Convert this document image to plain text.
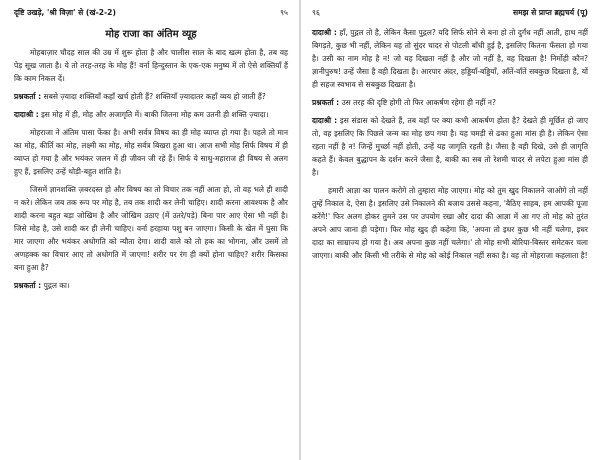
दृष्टि उखड़े, 'श्री विज़ा' से (खं-2-2)	९५
मोह राजा का अंतिम व्यूह

मोहबाज़ार चौदह साल की उम्र में शुरू होता है और चालीस साल के बाद खत्म होता है, तब वह पेड़ सूख जाता है। ये तो तरह-तरह के मोह हैं! वर्ना हिन्दुस्तान के एक-एक मनुष्य में तो ऐसे शक्तियाँ हैं कि काम निकल दें।

प्रश्नकर्ता : सबसे ज़्यादा शक्तियाँ कहाँ खर्च होती हैं? शक्तियाँ ज़्यादातर कहाँ व्यय हो जाती हैं?

दादाश्री : इस मोह में ही, मोह और अजागृति में। बाकी जितना मोह कम उतनी ही शक्ति ज़्यादा।

मोहराजा ने अंतिम पासा फेंका है। अभी सर्वत्र विषय का ही मोह व्याप्त हो गया है। पहले तो मान का मोह, कीर्ति का मोह, लक्ष्मी का मोह, मोह सर्वत्र बिखरा हुआ था। आज सभी मोह सिर्फ विषय में ही व्याप्त हो गया है और भयंकर जलन में ही जीवन जी रहे हैं। सिर्फ ये साधु-महाराज ही विषय से अलग हुए हैं, इसलिए उन्हें थोड़ी-बहुत शांति है।

जिसमें ज्ञानशक्ति ज़बरदस्त हो और विषय का तो विचार तक नहीं आता हो, तो वह भले ही शादी न करे। लेकिन जब तक रूप पर मोह है, तब तक शादी कर लेनी चाहिए। शादी करना आवश्यक है और शादी करना बहुत बड़ा जोखिम है और जोखिम उठाए (में उतरे/पड़े) बिना पार आए ऐसा भी नहीं है। जिसे मोह है, उसे शादी कर ही लेनी चाहिए। वर्ना हरहाया पशु बन जाएगा। किसी के खेत में घुसा कि मार जाएगा और भयंकर अधोगति को न्यौता देगा। शादी वाले को तो हक का भोगना, और उसमें तो अणहक्क का विचार आए तो अधोगति में जाएगा! शरीर पर रंग ही क्यों होना चाहिए? शरीर किसका बना हुआ है?

प्रश्नकर्ता : पुद्गल का।

९६	समझ से प्राप्त ब्रह्मचर्य (पू)

दादाश्री : हाँ, पुद्गल तो है, लेकिन कैसा पुद्गल? यदि सिर्फ सोने से बना हो तो दुर्गंध नहीं आती, हाथ नहीं बिगड़ते, कुछ भी नहीं, लेकिन यह तो सुंदर चादर से पोटली बाँधी हुई है, इसलिए कितना फँसता हो गया है। उसी का नाम मोह है न! जो यह दिखता नहीं है और जो नहीं है, वह दिखता है! निर्मोही कौन? ज्ञानीपुरुष! उन्हें जैसा है वही दिखता है। आरपार अंदर, हड्डियाँ-बड्डियाँ, आँतें-वाँतें सबकुछ दिखता है, यों ही सहज स्वभाव से सबकुछ दिखता है।

प्रश्नकर्ता : उस तरह की दृष्टि होगी तो फिर आकर्षण रहेगा ही नहीं न?

दादाश्री : इस संडास को देखते हैं, तब वहाँ पर क्या कभी आकर्षण होता है? देखते ही मूर्छित हो जाए तो, वह इसलिए कि पिछले जन्म का मोह छप गया है। यह चमड़ी से ढका हुआ मांस ही है। लेकिन ऐसा रहता नहीं है न! जिन्हें मुर्च्छा नहीं होती, उन्हें यह जागृति रहती है। जैसा है वही दिखे, उसे ही जागृति कहते हैं। केवल बुद्धापन के दर्शन करने जैसा है, बाकी का सब तो रेशमी चादर से लपेटा हुआ मांस ही है।

हमारी आज्ञा का पालन करोगे तो तुम्हारा मोह जाएगा। मोह को तुम खुद निकालने जाओगे तो नहीं तुम्हें निकाल दे, ऐसा है। इसलिए उसे निकालने की बजाय उससे कहना, 'बैठिए साहब, हम आपकी पूजा करेंगे!' फिर अलग होकर तुमने उस पर उपयोग रखा और दादा की आज्ञा में आ गए तो मोह को तुरंत अपने आप जाना ही पड़ेगा। फिर मोह खुद ही कहेगा कि, 'अपना तो इधर कुछ भी नहीं चलेगा, इधर दादा का साम्राज्य हो गया है। अब अपना कुछ नहीं चलेगा।' तो मोह सभी बोरिया-बिस्तर समेटकर चला जाएगा। बाकी और किसी भी तरीके से मोह को कोई निकाल नहीं सका है। वह तो मोहराजा कहलाता है!
